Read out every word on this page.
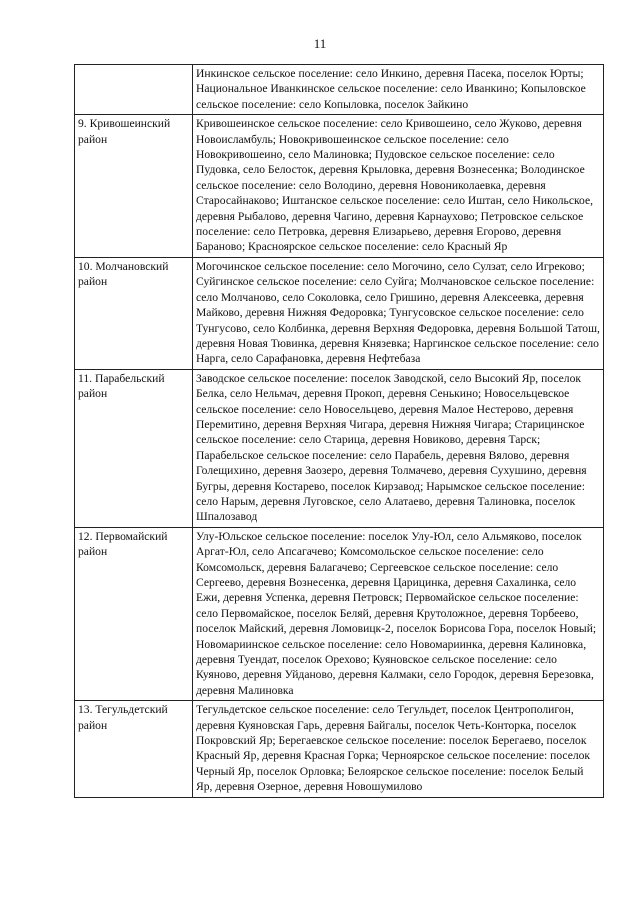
11
	Инкинское сельское поселение: село Инкино, деревня Пасека, поселок Юрты; Национальное Иванкинское сельское поселение: село Иванкино; Копыловское сельское поселение: село Копыловка, поселок Зайкино
9. Кривошеинский район	Кривошеинское сельское поселение: село Кривошеино, село Жуково, деревня Новоисламбуль; Новокривошеинское сельское поселение: село Новокривошеино, село Малиновка; Пудовское сельское поселение: село Пудовка, село Белосток, деревня Крыловка, деревня Вознесенка; Володинское сельское поселение: село Володино, деревня Новониколаевка, деревня Старосайнаково; Иштанское сельское поселение: село Иштан, село Никольское, деревня Рыбалово, деревня Чагино, деревня Карнаухово; Петровское сельское поселение: село Петровка, деревня Елизарьево, деревня Егорово, деревня Бараново; Красноярское сельское поселение: село Красный Яр
10. Молчановский район	Могочинское сельское поселение: село Могочино, село Сулзат, село Игреково; Суйгинское сельское поселение: село Суйга; Молчановское сельское поселение: село Молчаново, село Соколовка, село Гришино, деревня Алексеевка, деревня Майково, деревня Нижняя Федоровка; Тунгусовское сельское поселение: село Тунгусово, село Колбинка, деревня Верхняя Федоровка, деревня Большой Татош, деревня Новая Тювинка, деревня Князевка; Наргинское сельское поселение: село Нарга, село Сарафановка, деревня Нефтебаза
11. Парабельский район	Заводское сельское поселение: поселок Заводской, село Высокий Яр, поселок Белка, село Нельмач, деревня Прокоп, деревня Сенькино; Новосельцевское сельское поселение: село Новосельцево, деревня Малое Нестерово, деревня Перемитино, деревня Верхняя Чигара, деревня Нижняя Чигара; Старицинское сельское поселение: село Старица, деревня Новиково, деревня Тарск; Парабельское сельское поселение: село Парабель, деревня Вялово, деревня Голещихино, деревня Заозеро, деревня Толмачево, деревня Сухушино, деревня Бугры, деревня Костарево, поселок Кирзавод; Нарымское сельское поселение: село Нарым, деревня Луговское, село Алатаево, деревня Талиновка, поселок Шпалозавод
12. Первомайский район	Улу-Юльское сельское поселение: поселок Улу-Юл, село Альмяково, поселок Аргат-Юл, село Апсагачево; Комсомольское сельское поселение: село Комсомольск, деревня Балагачево; Сергеевское сельское поселение: село Сергеево, деревня Вознесенка, деревня Царицинка, деревня Сахалинка, село Ежи, деревня Успенка, деревня Петровск; Первомайское сельское поселение: село Первомайское, поселок Беляй, деревня Крутоложное, деревня Торбеево, поселок Майский, деревня Ломовицк-2, поселок Борисова Гора, поселок Новый; Новомариинское сельское поселение: село Новомариинка, деревня Калиновка, деревня Туендат, поселок Орехово; Куяновское сельское поселение: село Куяново, деревня Уйданово, деревня Калмаки, село Городок, деревня Березовка, деревня Малиновка
13. Тегульдетский район	Тегульдетское сельское поселение: село Тегульдет, поселок Центрополигон, деревня Куяновская Гарь, деревня Байгалы, поселок Четь-Конторка, поселок Покровский Яр; Берегаевское сельское поселение: поселок Берегаево, поселок Красный Яр, деревня Красная Горка; Черноярское сельское поселение: поселок Черный Яр, поселок Орловка; Белоярское сельское поселение: поселок Белый Яр, деревня Озерное, деревня Новошумилово
